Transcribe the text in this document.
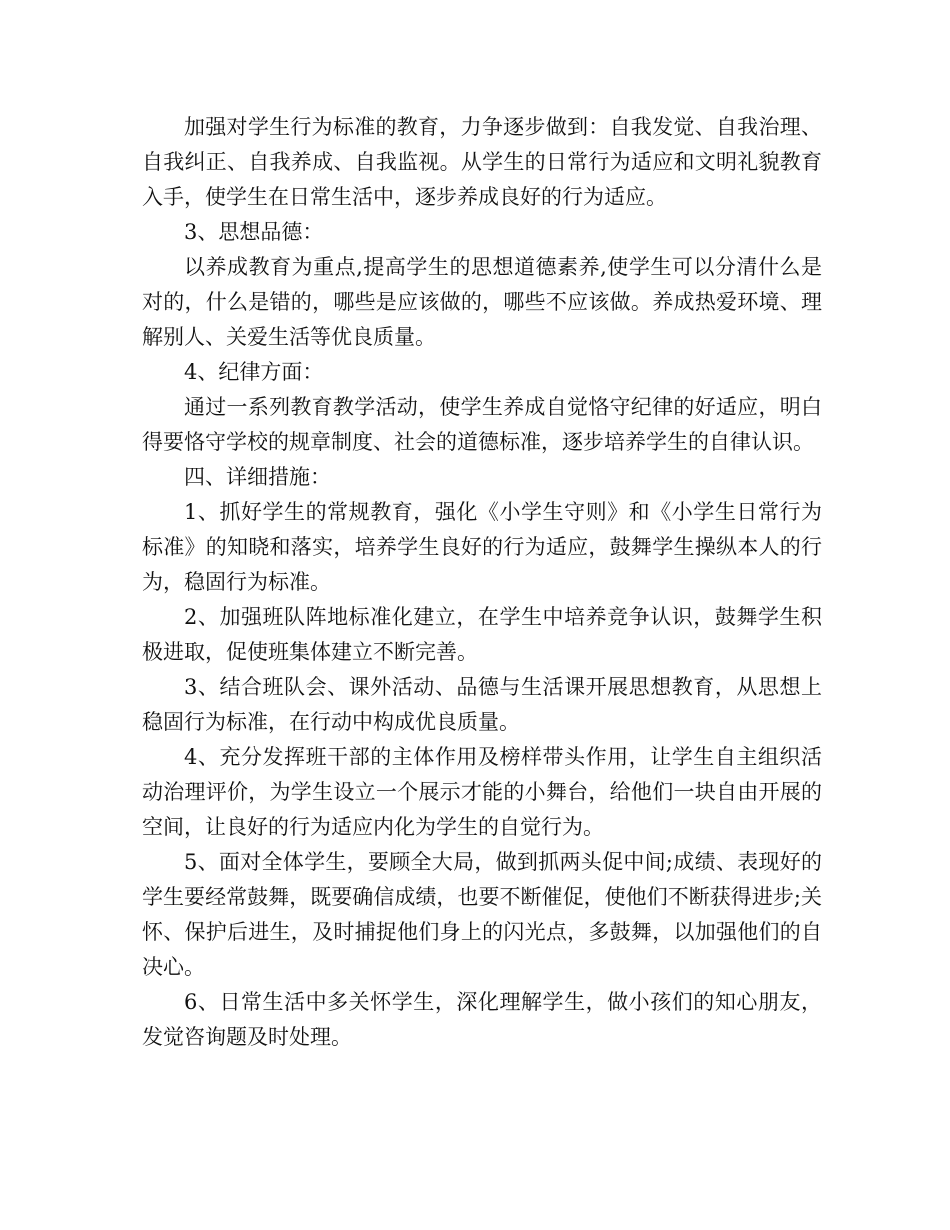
加强对学生行为标准的教育，力争逐步做到：自我发觉、自我治理、自我纠正、自我养成、自我监视。从学生的日常行为适应和文明礼貌教育入手，使学生在日常生活中，逐步养成良好的行为适应。

3、思想品德：

以养成教育为重点,提高学生的思想道德素养,使学生可以分清什么是对的，什么是错的，哪些是应该做的，哪些不应该做。养成热爱环境、理解别人、关爱生活等优良质量。

4、纪律方面：

通过一系列教育教学活动，使学生养成自觉恪守纪律的好适应，明白得要恪守学校的规章制度、社会的道德标准，逐步培养学生的自律认识。

四、详细措施：

1、抓好学生的常规教育，强化《小学生守则》和《小学生日常行为标准》的知晓和落实，培养学生良好的行为适应，鼓舞学生操纵本人的行为，稳固行为标准。

2、加强班队阵地标准化建立，在学生中培养竞争认识，鼓舞学生积极进取，促使班集体建立不断完善。

3、结合班队会、课外活动、品德与生活课开展思想教育，从思想上稳固行为标准，在行动中构成优良质量。

4、充分发挥班干部的主体作用及榜样带头作用，让学生自主组织活动治理评价，为学生设立一个展示才能的小舞台，给他们一块自由开展的空间，让良好的行为适应内化为学生的自觉行为。

5、面对全体学生，要顾全大局，做到抓两头促中间;成绩、表现好的学生要经常鼓舞，既要确信成绩，也要不断催促，使他们不断获得进步;关怀、保护后进生，及时捕捉他们身上的闪光点，多鼓舞，以加强他们的自决心。

6、日常生活中多关怀学生，深化理解学生，做小孩们的知心朋友，发觉咨询题及时处理。
